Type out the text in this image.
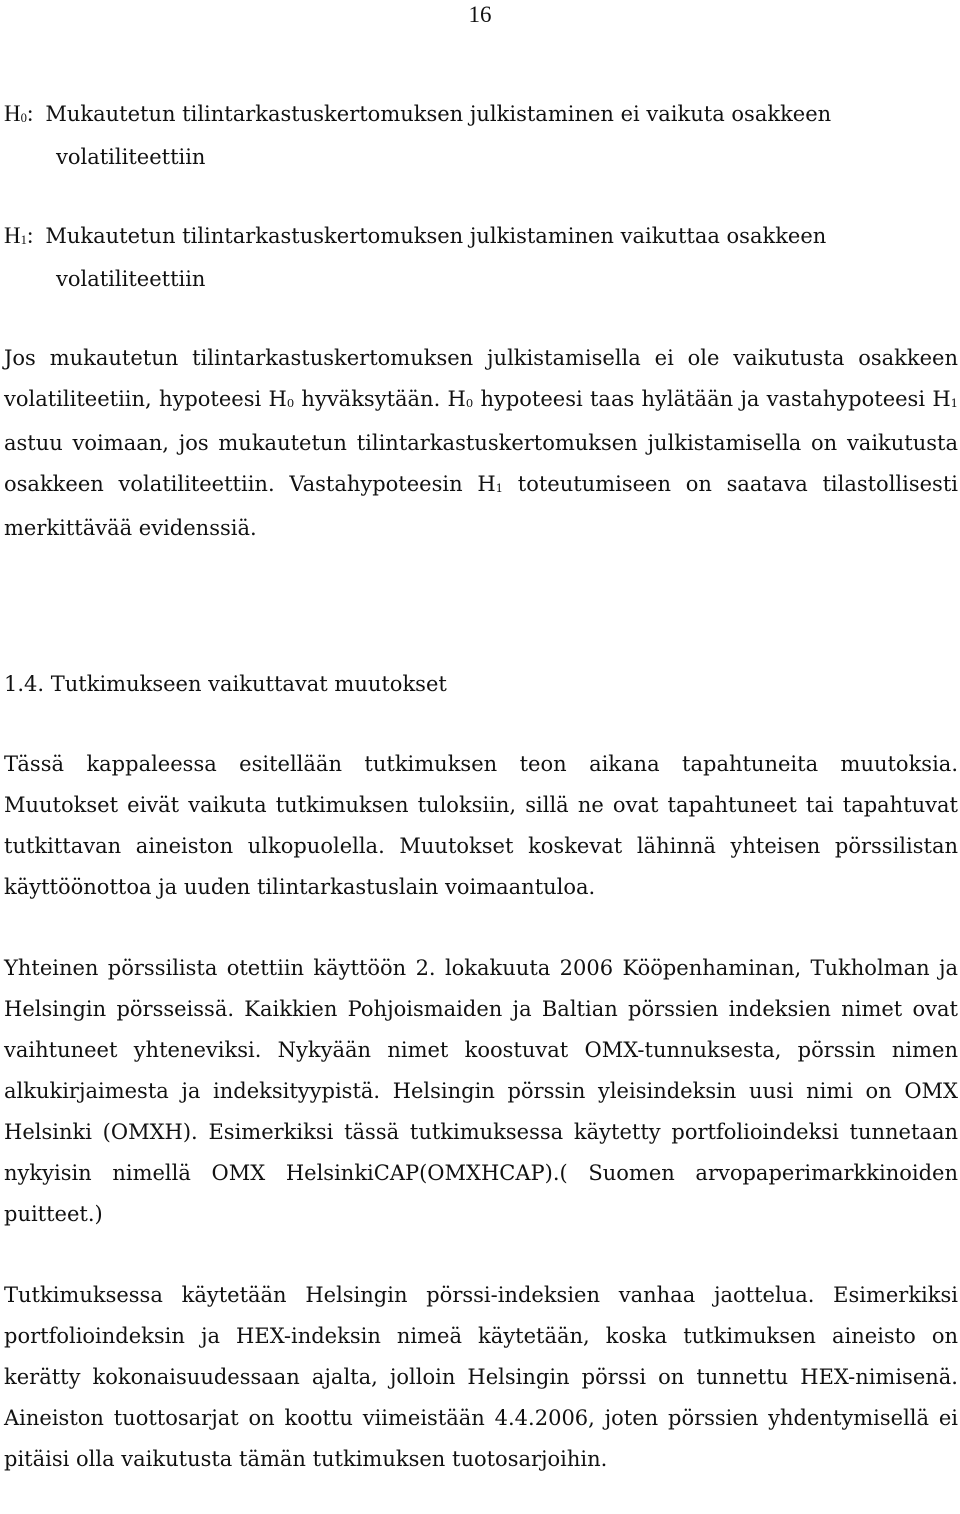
16
$H_0$: Mukautetun tilintarkastuskertomuksen julkistaminen ei vaikuta osakkeen
volatiliteettiin
$H_1$: Mukautetun tilintarkastuskertomuksen julkistaminen vaikuttaa osakkeen
volatiliteettiin
Jos mukautetun tilintarkastuskertomuksen julkistamisella ei ole vaikutusta osakkeen volatiliteetiin, hypoteesi $H_0$ hyväksytään. $H_0$ hypoteesi taas hylätään ja vastahypoteesi $H_1$ astuu voimaan, jos mukautetun tilintarkastuskertomuksen julkistamisella on vaikutusta osakkeen volatiliteettiin. Vastahypoteesin $H_1$ toteutumiseen on saatava tilastollisesti merkittävää evidenssiä.
1.4. Tutkimukseen vaikuttavat muutokset
Tässä kappaleessa esitellään tutkimuksen teon aikana tapahtuneita muutoksia. Muutokset eivät vaikuta tutkimuksen tuloksiin, sillä ne ovat tapahtuneet tai tapahtuvat tutkittavan aineiston ulkopuolella. Muutokset koskevat lähinnä yhteisen pörssilistan käyttöönottoa ja uuden tilintarkastuslain voimaantuloa.
Yhteinen pörssilista otettiin käyttöön 2. lokakuuta 2006 Kööpenhaminan, Tukholman ja Helsingin pörsseissä. Kaikkien Pohjoismaiden ja Baltian pörssien indeksien nimet ovat vaihtuneet yhteneviksi. Nykyään nimet koostuvat OMX-tunnuksesta, pörssin nimen alkukirjaimesta ja indeksityypistä. Helsingin pörssin yleisindeksin uusi nimi on OMX Helsinki (OMXH). Esimerkiksi tässä tutkimuksessa käytetty portfolioindeksi tunnetaan nykyisin nimellä OMX HelsinkiCAP(OMXHCAP).( Suomen arvopaperimarkkinoiden puitteet.)
Tutkimuksessa käytetään Helsingin pörssi-indeksien vanhaa jaottelua. Esimerkiksi portfolioindeksin ja HEX-indeksin nimeä käytetään, koska tutkimuksen aineisto on kerätty kokonaisuudessaan ajalta, jolloin Helsingin pörssi on tunnettu HEX-nimisenä. Aineiston tuottosarjat on koottu viimeistään 4.4.2006, joten pörssien yhdentymisellä ei pitäisi olla vaikutusta tämän tutkimuksen tuotosarjoihin.
